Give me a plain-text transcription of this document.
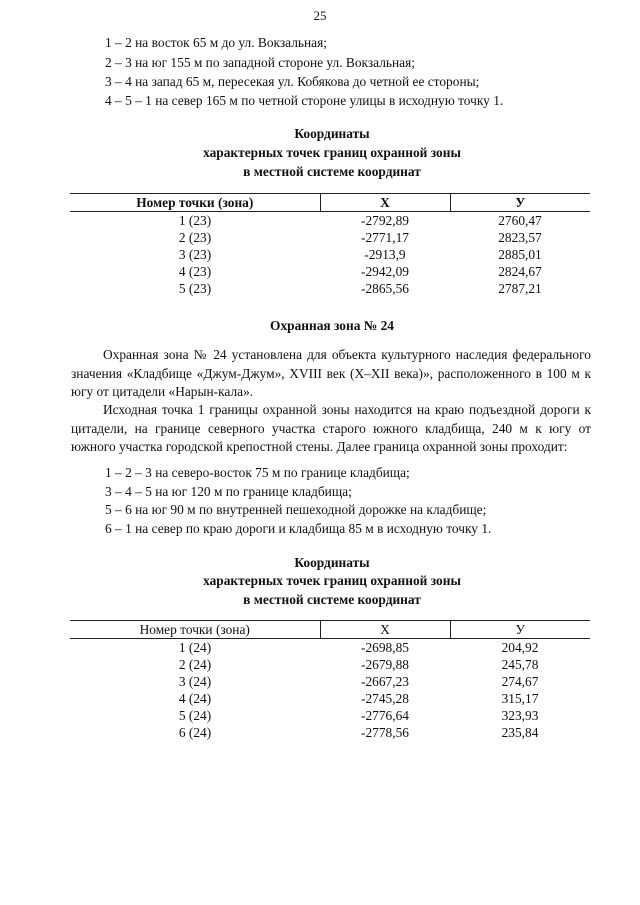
25
1 – 2 на восток 65 м до ул. Вокзальная;
2 – 3 на юг 155 м по западной стороне ул. Вокзальная;
3 – 4 на запад 65 м, пересекая ул. Кобякова до четной ее стороны;
4 – 5 – 1 на север 165 м по четной стороне улицы в исходную точку 1.
Координаты
характерных точек границ охранной зоны
в местной системе координат
Номер точки (зона)	X	У
1 (23)	-2792,89	2760,47
2 (23)	-2771,17	2823,57
3 (23)	-2913,9	2885,01
4 (23)	-2942,09	2824,67
5 (23)	-2865,56	2787,21
Охранная зона № 24

Охранная зона № 24 установлена для объекта культурного наследия федерального значения «Кладбище «Джум-Джум», XVIII век (X–XII века)», расположенного в 100 м к югу от цитадели «Нарын-кала».

Исходная точка 1 границы охранной зоны находится на краю подъездной дороги к цитадели, на границе северного участка старого южного кладбища, 240 м к югу от южного участка городской крепостной стены. Далее граница охранной зоны проходит:

1 – 2 – 3 на северо-восток 75 м по границе кладбища;
3 – 4 – 5 на юг 120 м по границе кладбища;
5 – 6 на юг 90 м по внутренней пешеходной дорожке на кладбище;
6 – 1 на север по краю дороги и кладбища 85 м в исходную точку 1.
Координаты
характерных точек границ охранной зоны
в местной системе координат
Номер точки (зона)	X	У
1 (24)	-2698,85	204,92
2 (24)	-2679,88	245,78
3 (24)	-2667,23	274,67
4 (24)	-2745,28	315,17
5 (24)	-2776,64	323,93
6 (24)	-2778,56	235,84
